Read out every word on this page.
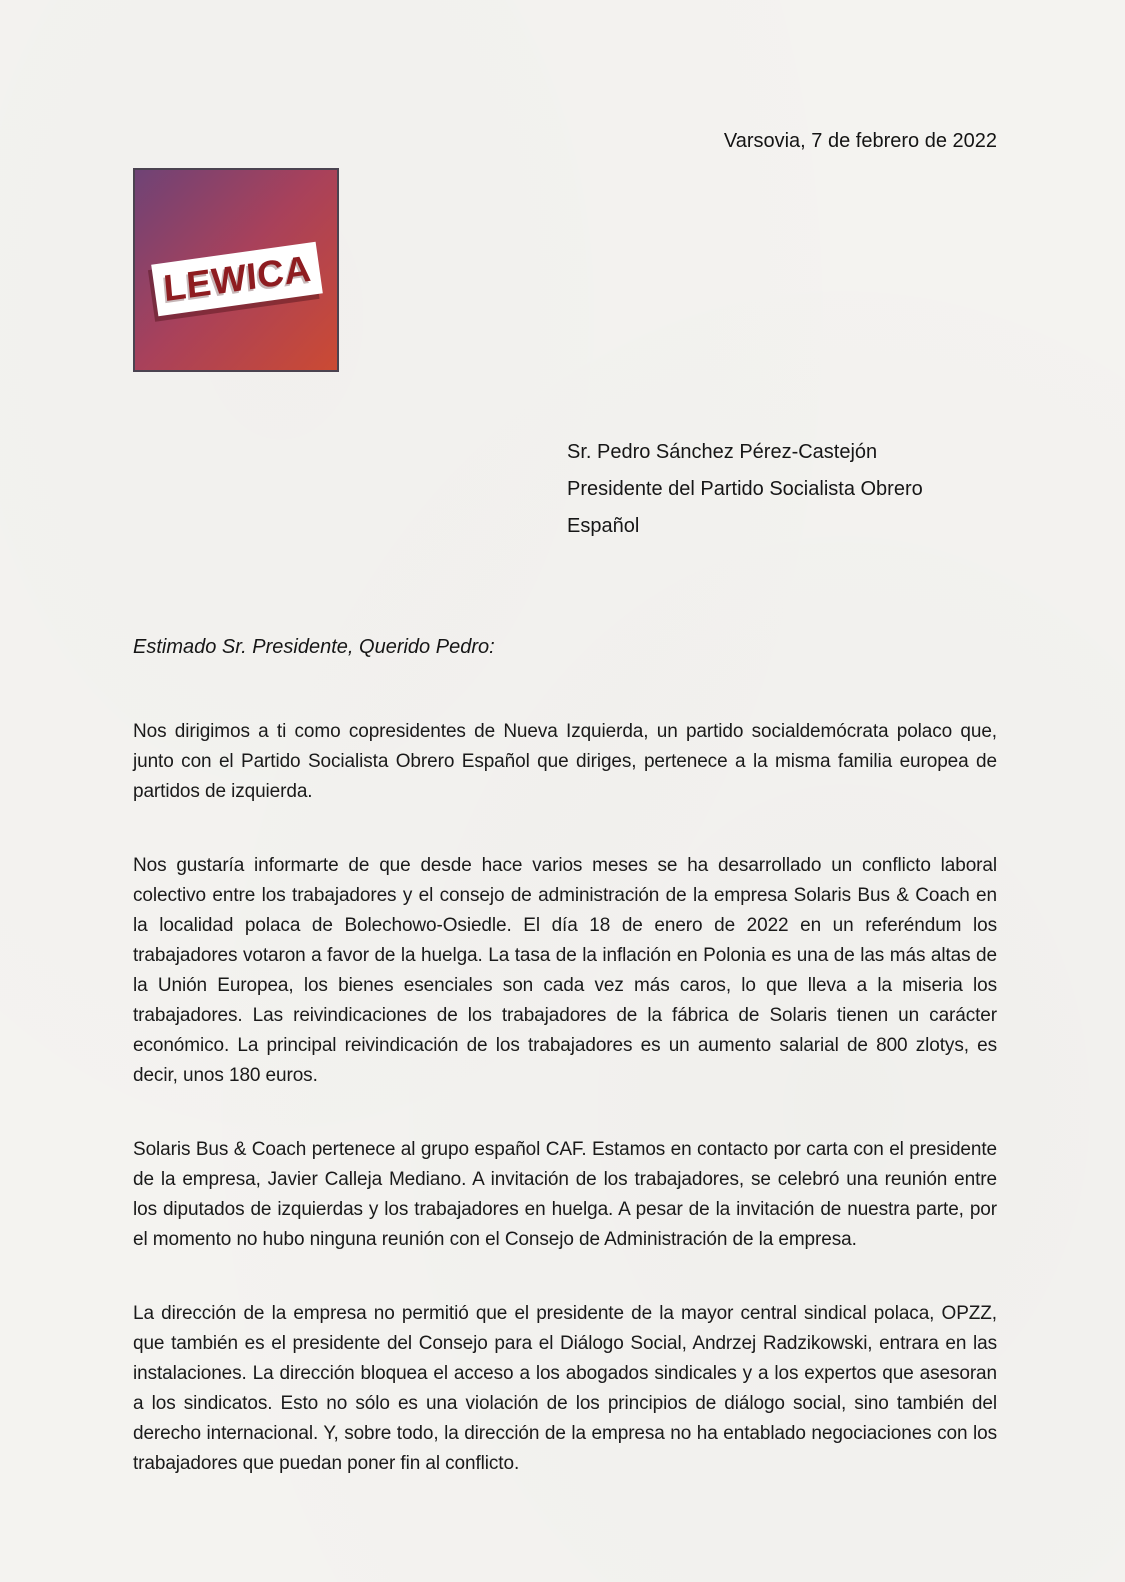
Varsovia, 7 de febrero de 2022
LEWICA
Sr. Pedro Sánchez Pérez-Castejón
Presidente del Partido Socialista Obrero Español
Estimado Sr. Presidente, Querido Pedro:

Nos dirigimos a ti como copresidentes de Nueva Izquierda, un partido socialdemócrata polaco que, junto con el Partido Socialista Obrero Español que diriges, pertenece a la misma familia europea de partidos de izquierda.

Nos gustaría informarte de que desde hace varios meses se ha desarrollado un conflicto laboral colectivo entre los trabajadores y el consejo de administración de la empresa Solaris Bus & Coach en la localidad polaca de Bolechowo-Osiedle. El día 18 de enero de 2022 en un referéndum los trabajadores votaron a favor de la huelga. La tasa de la inflación en Polonia es una de las más altas de la Unión Europea, los bienes esenciales son cada vez más caros, lo que lleva a la miseria los trabajadores. Las reivindicaciones de los trabajadores de la fábrica de Solaris tienen un carácter económico. La principal reivindicación de los trabajadores es un aumento salarial de 800 zlotys, es decir, unos 180 euros.

Solaris Bus & Coach pertenece al grupo español CAF. Estamos en contacto por carta con el presidente de la empresa, Javier Calleja Mediano. A invitación de los trabajadores, se celebró una reunión entre los diputados de izquierdas y los trabajadores en huelga. A pesar de la invitación de nuestra parte, por el momento no hubo ninguna reunión con el Consejo de Administración de la empresa.

La dirección de la empresa no permitió que el presidente de la mayor central sindical polaca, OPZZ, que también es el presidente del Consejo para el Diálogo Social, Andrzej Radzikowski, entrara en las instalaciones. La dirección bloquea el acceso a los abogados sindicales y a los expertos que asesoran a los sindicatos. Esto no sólo es una violación de los principios de diálogo social, sino también del derecho internacional. Y, sobre todo, la dirección de la empresa no ha entablado negociaciones con los trabajadores que puedan poner fin al conflicto.
